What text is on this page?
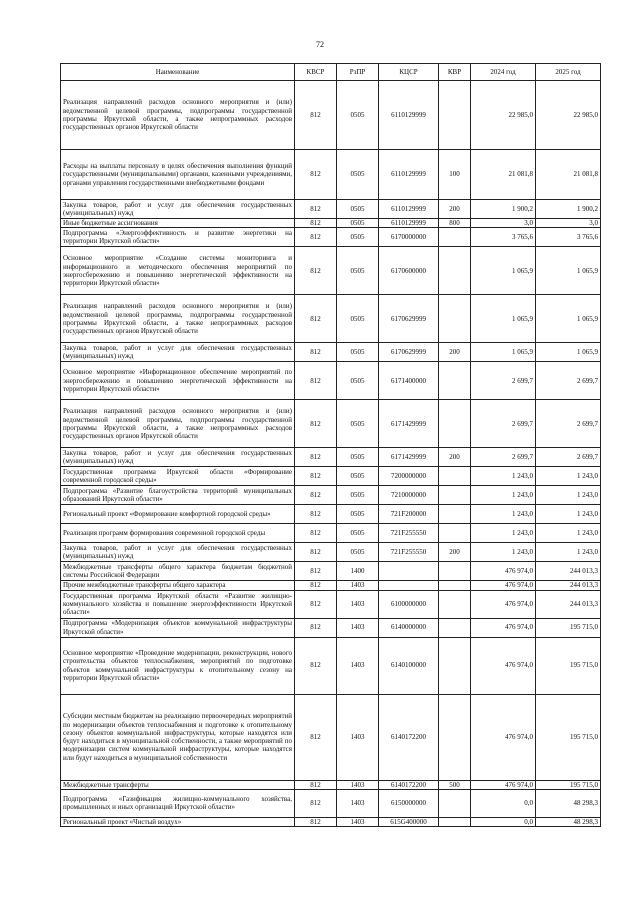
72
Наименование	КВСР	РзПР	КЦСР	КВР	2024 год	2025 год
Реализация направлений расходов основного мероприятия и (или) ведомственной целевой программы, подпрограммы государственной программы Иркутской области, а также непрограммных расходов государственных органов Иркутской области	812	0505	6110129999		22 985,0	22 985,0
Расходы на выплаты персоналу в целях обеспечения выполнения функций государственными (муниципальными) органами, казенными учреждениями, органами управления государственными внебюджетными фондами	812	0505	6110129999	100	21 081,8	21 081,8
Закупка товаров, работ и услуг для обеспечения государственных (муниципальных) нужд	812	0505	6110129999	200	1 900,2	1 900,2
Иные бюджетные ассигнования	812	0505	6110129999	800	3,0	3,0
Подпрограмма «Энергоэффективность и развитие энергетики на территории Иркутской области»	812	0505	6170000000		3 765,6	3 765,6
Основное мероприятие «Создание системы мониторинга и информационного и методического обеспечения мероприятий по энергосбережению и повышению энергетической эффективности на территории Иркутской области»	812	0505	6170600000		1 065,9	1 065,9
Реализация направлений расходов основного мероприятия и (или) ведомственной целевой программы, подпрограммы государственной программы Иркутской области, а также непрограммных расходов государственных органов Иркутской области	812	0505	6170629999		1 065,9	1 065,9
Закупка товаров, работ и услуг для обеспечения государственных (муниципальных) нужд	812	0505	6170629999	200	1 065,9	1 065,9
Основное мероприятие «Информационное обеспечение мероприятий по энергосбережению и повышению энергетической эффективности на территории Иркутской области»	812	0505	6171400000		2 699,7	2 699,7
Реализация направлений расходов основного мероприятия и (или) ведомственной целевой программы, подпрограммы государственной программы Иркутской области, а также непрограммных расходов государственных органов Иркутской области	812	0505	6171429999		2 699,7	2 699,7
Закупка товаров, работ и услуг для обеспечения государственных (муниципальных) нужд	812	0505	6171429999	200	2 699,7	2 699,7
Государственная программа Иркутской области «Формирование современной городской среды»	812	0505	7200000000		1 243,0	1 243,0
Подпрограмма «Развитие благоустройства территорий муниципальных образований Иркутской области»	812	0505	7210000000		1 243,0	1 243,0
Региональный проект «Формирование комфортной городской среды»	812	0505	721F200000		1 243,0	1 243,0
Реализация программ формирования современной городской среды	812	0505	721F255550		1 243,0	1 243,0
Закупка товаров, работ и услуг для обеспечения государственных (муниципальных) нужд	812	0505	721F255550	200	1 243,0	1 243,0
Межбюджетные трансферты общего характера бюджетам бюджетной системы Российской Федерации	812	1400			476 974,0	244 013,3
Прочие межбюджетные трансферты общего характера	812	1403			476 974,0	244 013,3
Государственная программа Иркутской области «Развитие жилищно-коммунального хозяйства и повышение энергоэффективности Иркутской области»	812	1403	6100000000		476 974,0	244 013,3
Подпрограмма «Модернизация объектов коммунальной инфраструктуры Иркутской области»	812	1403	6140000000		476 974,0	195 715,0
Основное мероприятие «Проведение модернизации, реконструкции, нового строительства объектов теплоснабжения, мероприятий по подготовке объектов коммунальной инфраструктуры к отопительному сезону на территории Иркутской области»	812	1403	6140100000		476 974,0	195 715,0
Субсидии местным бюджетам на реализацию первоочередных мероприятий по модернизации объектов теплоснабжения и подготовке к отопительному сезону объектов коммунальной инфраструктуры, которые находятся или будут находиться в муниципальной собственности, а также мероприятий по модернизации систем коммунальной инфраструктуры, которые находятся или будут находиться в муниципальной собственности	812	1403	6140172200		476 974,0	195 715,0
Межбюджетные трансферты	812	1403	6140172200	500	476 974,0	195 715,0
Подпрограмма «Газификация жилищно-коммунального хозяйства, промышленных и иных организаций Иркутской области»	812	1403	6150000000		0,0	48 298,3
Региональный проект «Чистый воздух»	812	1403	615G400000		0,0	48 298,3
